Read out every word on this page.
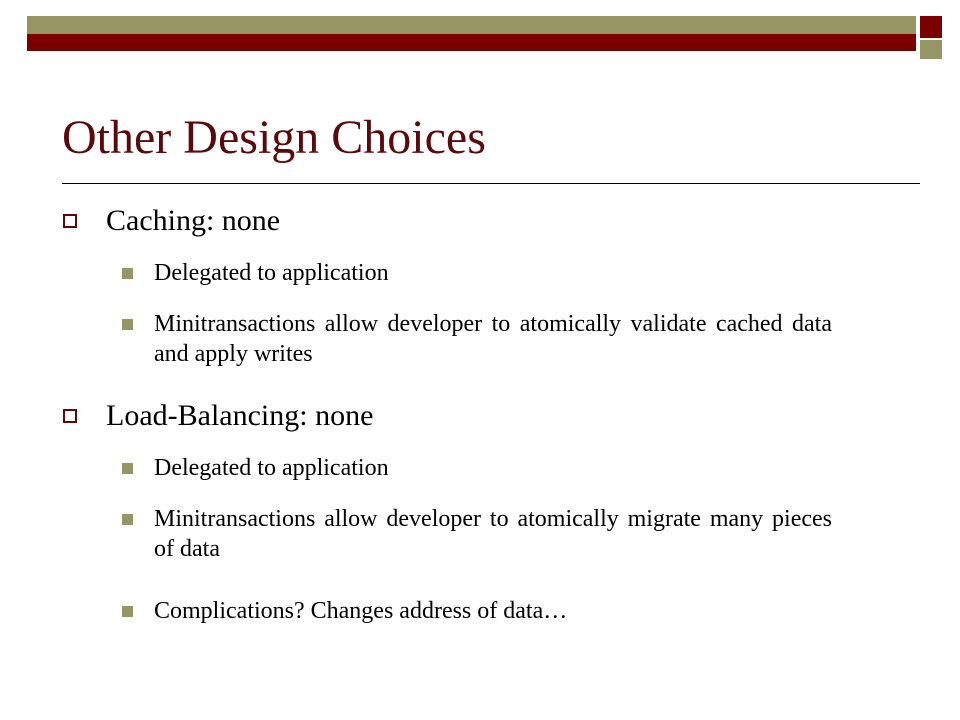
Other Design Choices
Caching: none
Delegated to application
Minitransactions allow developer to atomically validate cached data and apply writes
Load-Balancing: none
Delegated to application
Minitransactions allow developer to atomically migrate many pieces of data
Complications? Changes address of data…
